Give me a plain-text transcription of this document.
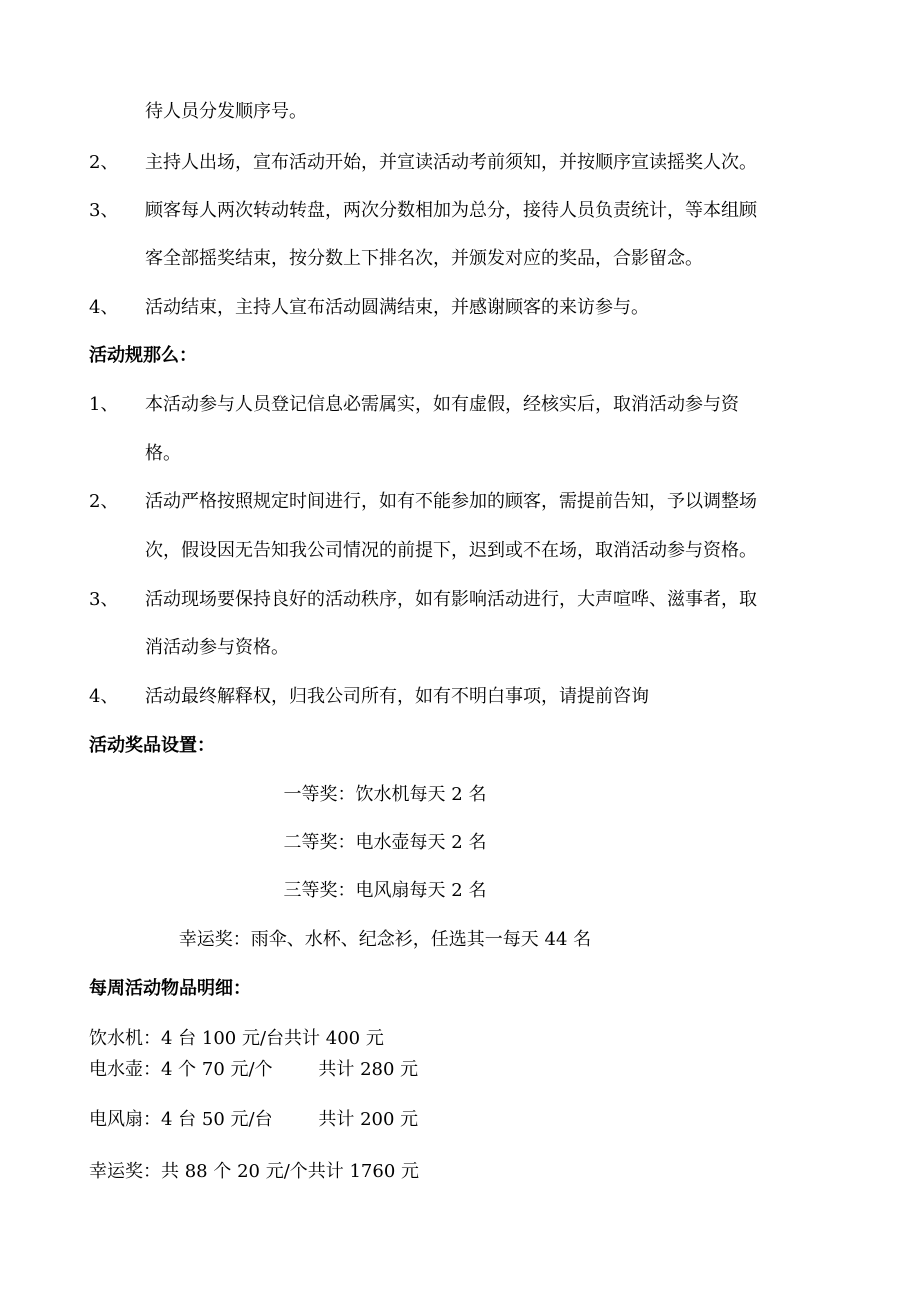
待人员分发顺序号。
2、 主持人出场，宣布活动开始，并宣读活动考前须知，并按顺序宣读摇奖人次。
3、 顾客每人两次转动转盘，两次分数相加为总分，接待人员负责统计，等本组顾
客全部摇奖结束，按分数上下排名次，并颁发对应的奖品，合影留念。
4、 活动结束，主持人宣布活动圆满结束，并感谢顾客的来访参与。
活动规那么：
1、 本活动参与人员登记信息必需属实，如有虚假，经核实后，取消活动参与资
格。
2、 活动严格按照规定时间进行，如有不能参加的顾客，需提前告知，予以调整场
次，假设因无告知我公司情况的前提下，迟到或不在场，取消活动参与资格。
3、 活动现场要保持良好的活动秩序，如有影响活动进行，大声喧哗、滋事者，取
消活动参与资格。
4、 活动最终解释权，归我公司所有，如有不明白事项，请提前咨询
活动奖品设置：
一等奖：饮水机每天 2 名
二等奖：电水壶每天 2 名
三等奖：电风扇每天 2 名
幸运奖：雨伞、水杯、纪念衫，任选其一每天 44 名
每周活动物品明细：
饮水机：4 台 100 元/台共计 400 元
电水壶：4 个 70 元/个        共计 280 元
电风扇：4 台 50 元/台        共计 200 元
幸运奖：共 88 个 20 元/个共计 1760 元
